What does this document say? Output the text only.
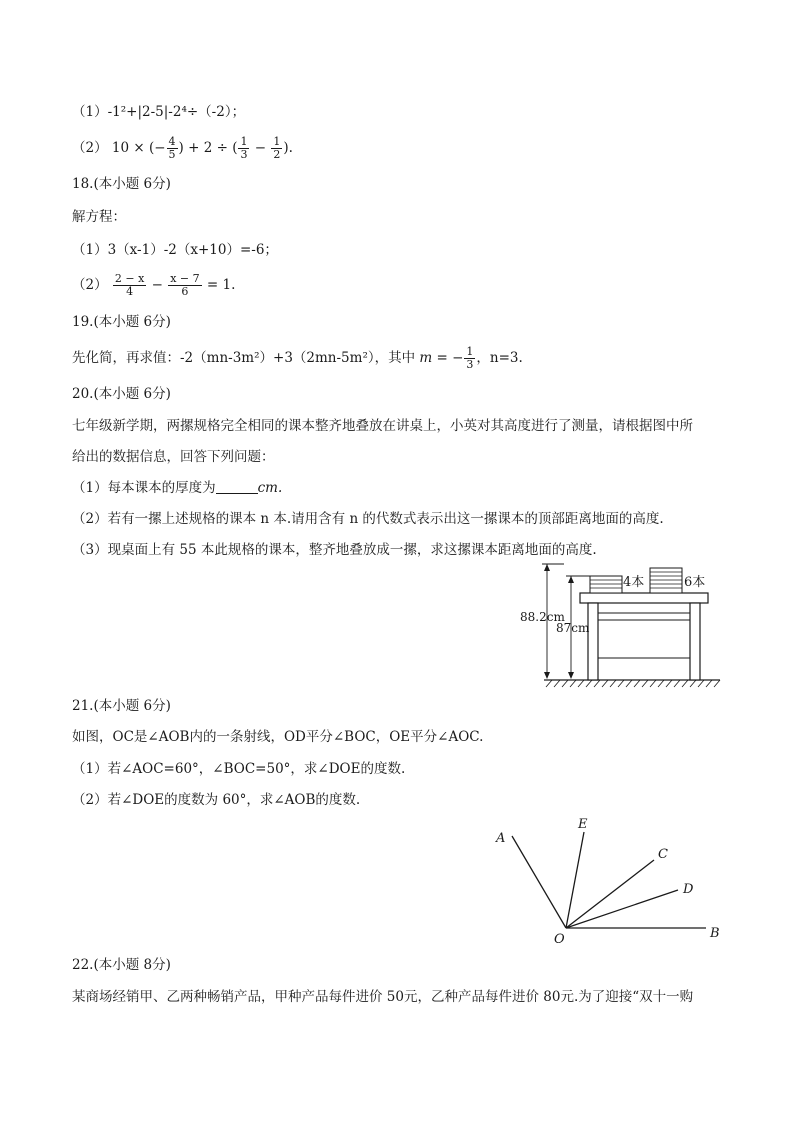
（1）-1²+|2-5|-2⁴÷（-2）；
（2） 10 × (− $\frac{4}{5}$ ) + 2 ÷ ( $\frac{1}{3} - \frac{1}{2}$ ).
18.(本小题 6分)
解方程：
（1）3（x-1）-2（x+10）=-6；
$(2) \frac{2 - x}{4} - \frac{x - 7}{6} = 1$.
19.(本小题 6分)
先化简，再求值：-2（mn-3m²）+3（2mn-5m²），其中 m = − $\frac{1}{3}$ ，n=3.
20.(本小题 6分)
七年级新学期，两摞规格完全相同的课本整齐地叠放在讲桌上，小英对其高度进行了测量，请根据图中所
给出的数据信息，回答下列问题：
（1）每本课本的厚度为	cm.
（2）若有一摞上述规格的课本 n 本.请用含有 n 的代数式表示出这一摞课本的顶部距离地面的高度.
（3）现桌面上有 55 本此规格的课本，整齐地叠放成一摞，求这摞课本距离地面的高度.
88.2cm
87cm
4本	6本
21.(本小题 6分)
如图，OC是∠AOB内的一条射线，OD平分∠BOC，OE平分∠AOC.
（1）若∠AOC=60°，∠BOC=50°，求∠DOE的度数.
（2）若∠DOE的度数为 60°，求∠AOB的度数.
A
E
C
D
O	B
22.(本小题 8分)
某商场经销甲、乙两种畅销产品，甲种产品每件进价 50元，乙种产品每件进价 80元.为了迎接“双十一购
